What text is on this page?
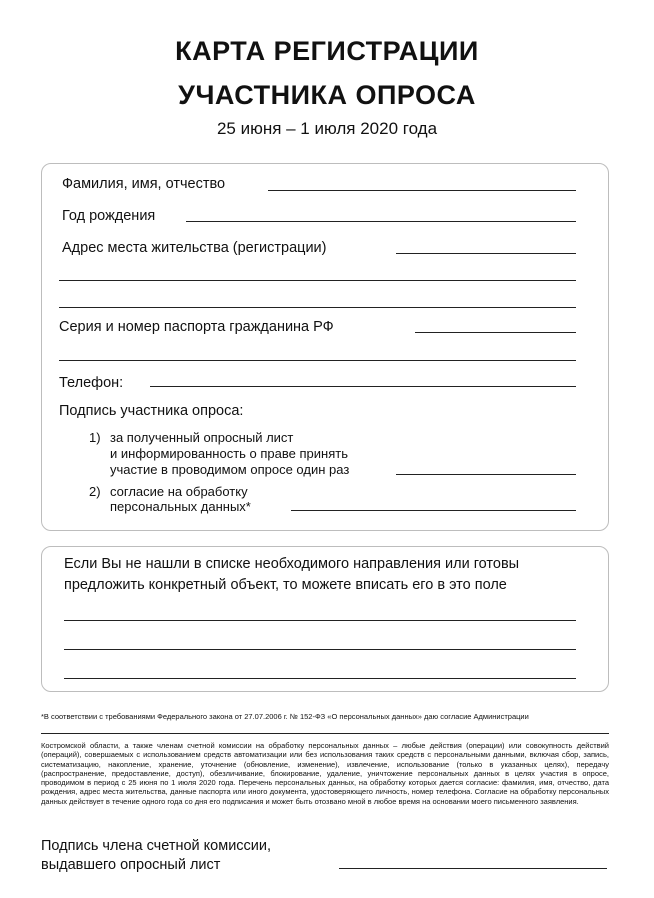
КАРТА РЕГИСТРАЦИИ
УЧАСТНИКА ОПРОСА
25 июня – 1 июля 2020 года
Фамилия, имя, отчество
Год рождения
Адрес места жительства (регистрации)
Серия и номер паспорта гражданина РФ
Телефон:
Подпись участника опроса:
1) за полученный опросный лист
и информированность о праве принять
участие в проводимом опросе один раз
2) согласие на обработку
персональных данных*
Если Вы не нашли в списке необходимого направления или готовы
предложить конкретный объект, то можете вписать его в это поле
*В соответствии с требованиями Федерального закона от 27.07.2006 г. № 152-ФЗ «О персональных данных» даю согласие Администрации
Костромской области, а также членам счетной комиссии на обработку персональных данных – любые действия (операции) или совокупность действий (операций), совершаемых с использованием средств автоматизации или без использования таких средств с персональными данными, включая сбор, запись, систематизацию, накопление, хранение, уточнение (обновление, изменение), извлечение, использование (только в указанных целях), передачу (распространение, предоставление, доступ), обезличивание, блокирование, удаление, уничтожение персональных данных в целях участия в опросе, проводимом в период с 25 июня по 1 июля 2020 года. Перечень персональных данных, на обработку которых дается согласие: фамилия, имя, отчество, дата рождения, адрес места жительства, данные паспорта или иного документа, удостоверяющего личность, номер телефона. Согласие на обработку персональных данных действует в течение одного года со дня его подписания и может быть отозвано мной в любое время на основании моего письменного заявления.
Подпись члена счетной комиссии,
выдавшего опросный лист
